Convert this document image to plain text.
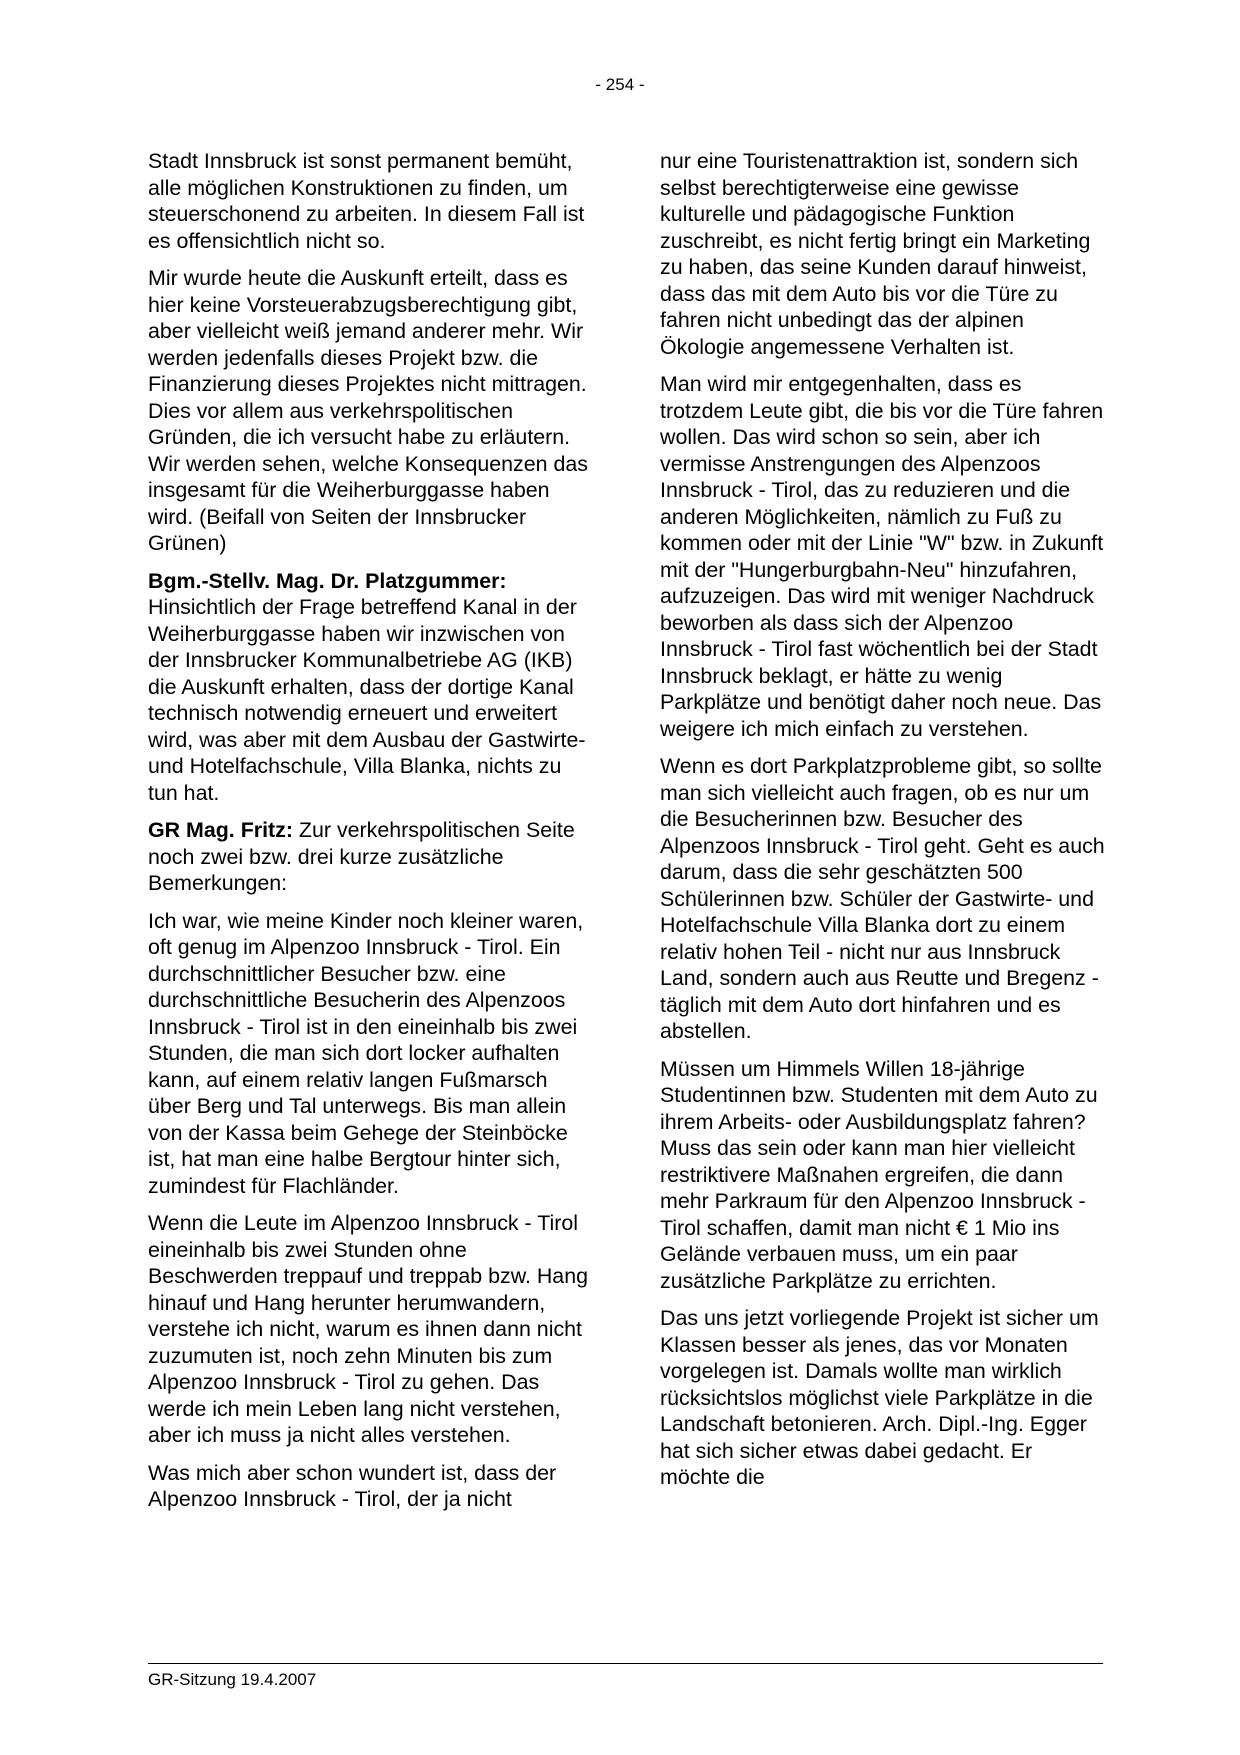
- 254 -

Stadt Innsbruck ist sonst permanent bemüht, alle möglichen Konstruktionen zu finden, um steuerschonend zu arbeiten. In diesem Fall ist es offensichtlich nicht so.

Mir wurde heute die Auskunft erteilt, dass es hier keine Vorsteuerabzugsberechtigung gibt, aber vielleicht weiß jemand anderer mehr. Wir werden jedenfalls dieses Projekt bzw. die Finanzierung dieses Projektes nicht mittragen. Dies vor allem aus verkehrspolitischen Gründen, die ich versucht habe zu erläutern. Wir werden sehen, welche Konsequenzen das insgesamt für die Weiherburggasse haben wird. (Beifall von Seiten der Innsbrucker Grünen)

Bgm.-Stellv. Mag. Dr. Platzgummer: Hinsichtlich der Frage betreffend Kanal in der Weiherburggasse haben wir inzwischen von der Innsbrucker Kommunalbetriebe AG (IKB) die Auskunft erhalten, dass der dortige Kanal technisch notwendig erneuert und erweitert wird, was aber mit dem Ausbau der Gastwirte- und Hotelfachschule, Villa Blanka, nichts zu tun hat.

GR Mag. Fritz: Zur verkehrspolitischen Seite noch zwei bzw. drei kurze zusätzliche Bemerkungen:

Ich war, wie meine Kinder noch kleiner waren, oft genug im Alpenzoo Innsbruck - Tirol. Ein durchschnittlicher Besucher bzw. eine durchschnittliche Besucherin des Alpenzoos Innsbruck - Tirol ist in den eineinhalb bis zwei Stunden, die man sich dort locker aufhalten kann, auf einem relativ langen Fußmarsch über Berg und Tal unterwegs. Bis man allein von der Kassa beim Gehege der Steinböcke ist, hat man eine halbe Bergtour hinter sich, zumindest für Flachländer.

Wenn die Leute im Alpenzoo Innsbruck - Tirol eineinhalb bis zwei Stunden ohne Beschwerden treppauf und treppab bzw. Hang hinauf und Hang herunter herumwandern, verstehe ich nicht, warum es ihnen dann nicht zuzumuten ist, noch zehn Minuten bis zum Alpenzoo Innsbruck - Tirol zu gehen. Das werde ich mein Leben lang nicht verstehen, aber ich muss ja nicht alles verstehen.

Was mich aber schon wundert ist, dass der Alpenzoo Innsbruck - Tirol, der ja nicht

nur eine Touristenattraktion ist, sondern sich selbst berechtigterweise eine gewisse kulturelle und pädagogische Funktion zuschreibt, es nicht fertig bringt ein Marketing zu haben, das seine Kunden darauf hinweist, dass das mit dem Auto bis vor die Türe zu fahren nicht unbedingt das der alpinen Ökologie angemessene Verhalten ist.

Man wird mir entgegenhalten, dass es trotzdem Leute gibt, die bis vor die Türe fahren wollen. Das wird schon so sein, aber ich vermisse Anstrengungen des Alpenzoos Innsbruck - Tirol, das zu reduzieren und die anderen Möglichkeiten, nämlich zu Fuß zu kommen oder mit der Linie "W" bzw. in Zukunft mit der "Hungerburgbahn-Neu" hinzufahren, aufzuzeigen. Das wird mit weniger Nachdruck beworben als dass sich der Alpenzoo Innsbruck - Tirol fast wöchentlich bei der Stadt Innsbruck beklagt, er hätte zu wenig Parkplätze und benötigt daher noch neue. Das weigere ich mich einfach zu verstehen.

Wenn es dort Parkplatzprobleme gibt, so sollte man sich vielleicht auch fragen, ob es nur um die Besucherinnen bzw. Besucher des Alpenzoos Innsbruck - Tirol geht. Geht es auch darum, dass die sehr geschätzten 500 Schülerinnen bzw. Schüler der Gastwirte- und Hotelfachschule Villa Blanka dort zu einem relativ hohen Teil - nicht nur aus Innsbruck Land, sondern auch aus Reutte und Bregenz - täglich mit dem Auto dort hinfahren und es abstellen.

Müssen um Himmels Willen 18-jährige Studentinnen bzw. Studenten mit dem Auto zu ihrem Arbeits- oder Ausbildungsplatz fahren? Muss das sein oder kann man hier vielleicht restriktivere Maßnahen ergreifen, die dann mehr Parkraum für den Alpenzoo Innsbruck - Tirol schaffen, damit man nicht € 1 Mio ins Gelände verbauen muss, um ein paar zusätzliche Parkplätze zu errichten.

Das uns jetzt vorliegende Projekt ist sicher um Klassen besser als jenes, das vor Monaten vorgelegen ist. Damals wollte man wirklich rücksichtslos möglichst viele Parkplätze in die Landschaft betonieren. Arch. Dipl.-Ing. Egger hat sich sicher etwas dabei gedacht. Er möchte die

GR-Sitzung 19.4.2007
